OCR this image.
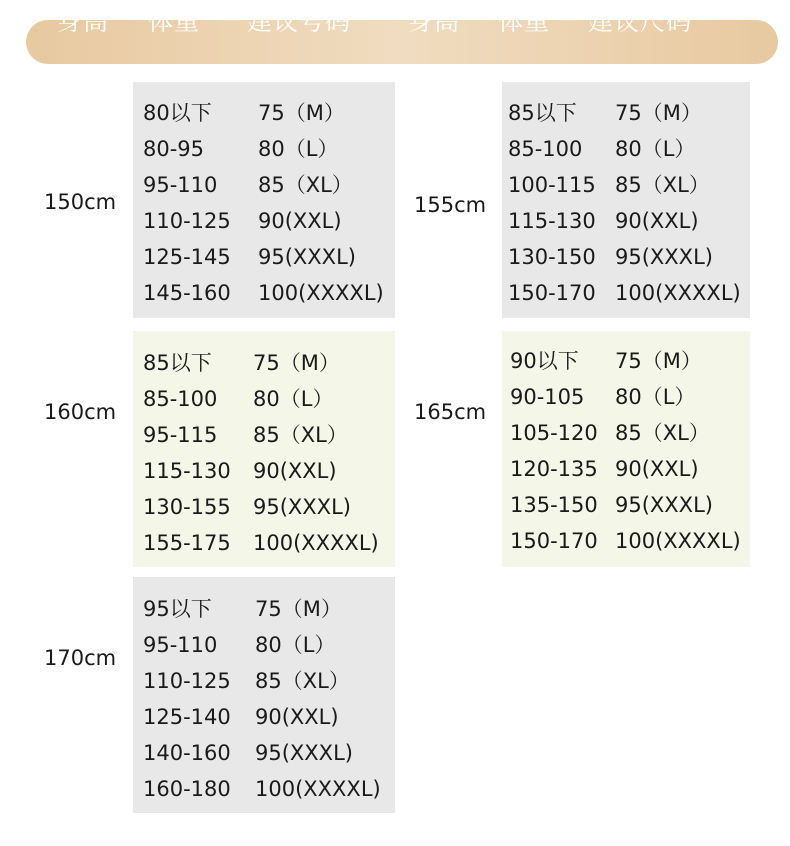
身高 体重 建议号码 身高 体重 建议尺码
150cm
80以下 75（M）
80-95	80（L）
95-110 85（XL）
110-125 90(XXL)
125-145 95(XXXL)
145-160 100(XXXXL)
155cm
85以下 75（M）
85-100 80（L）
100-115 85（XL）
115-130 90(XXL)
130-150 95(XXXL)
150-170 100(XXXXL)
160cm
85以下 75（M）
85-100 80（L）
95-115 85（XL）
115-130 90(XXL)
130-155 95(XXXL)
155-175 100(XXXXL)
165cm
90以下 75（M）
90-105 80（L）
105-120 85（XL）
120-135 90(XXL)
135-150 95(XXXL)
150-170 100(XXXXL)
170cm
95以下 75（M）
95-110 80（L）
110-125 85（XL）
125-140 90(XXL)
140-160 95(XXXL)
160-180 100(XXXXL)
